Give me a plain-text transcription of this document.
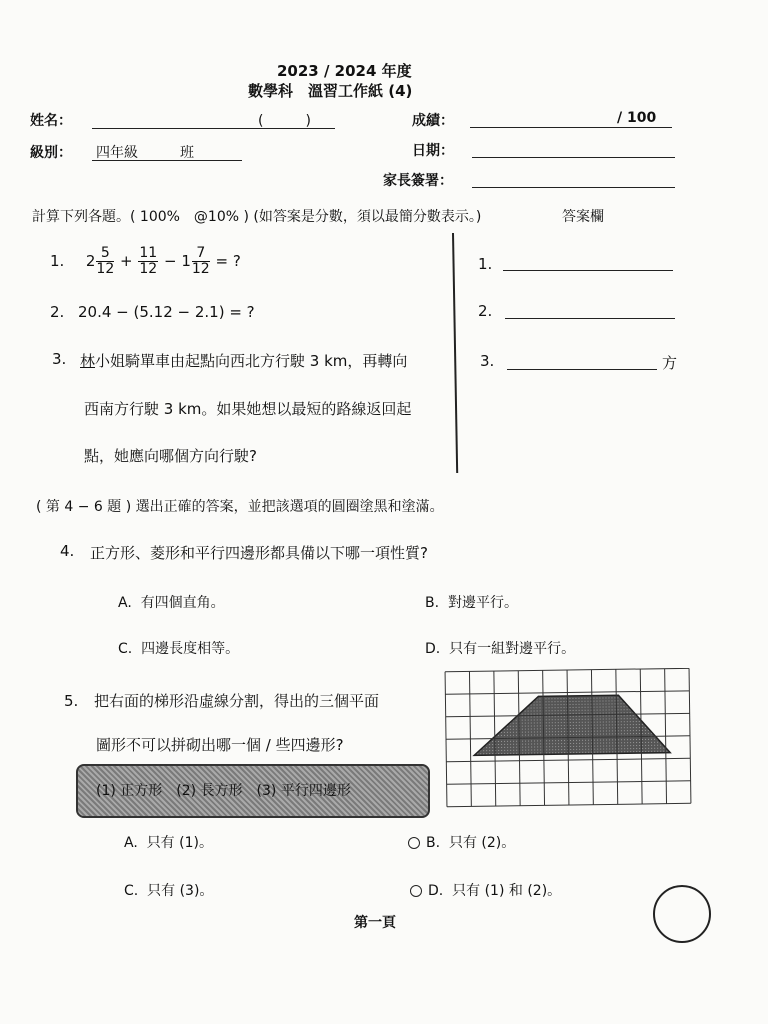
2023 / 2024 年度
數學科　溫習工作紙 (4)
姓名：	(　　　)	成績：	/ 100
級別： 四年級　　　班	日期：
家長簽署：
計算下列各題。( 100%　@10% ) (如答案是分數，須以最簡分數表示。)	答案欄
1. $2 \frac{5}{12} + \frac{11}{12} - 1 \frac{7}{12}$ = ?
2. 20.4 − (5.12 − 2.1) = ?
3. 林小姐騎單車由起點向西北方行駛 3 km，再轉向
西南方行駛 3 km。如果她想以最短的路線返回起
點，她應向哪個方向行駛?
1.
2.
3.	方
( 第 4 − 6 題 ) 選出正確的答案，並把該選項的圓圈塗黑和塗滿。
4. 正方形、菱形和平行四邊形都具備以下哪一項性質?
A. 有四個直角。	B. 對邊平行。
C. 四邊長度相等。	D. 只有一組對邊平行。
5. 把右面的梯形沿虛線分割，得出的三個平面
圖形不可以拼砌出哪一個 / 些四邊形?
(1) 正方形　(2) 長方形　(3) 平行四邊形
A. 只有 (1)。	B. 只有 (2)。
C. 只有 (3)。	D. 只有 (1) 和 (2)。
第一頁
